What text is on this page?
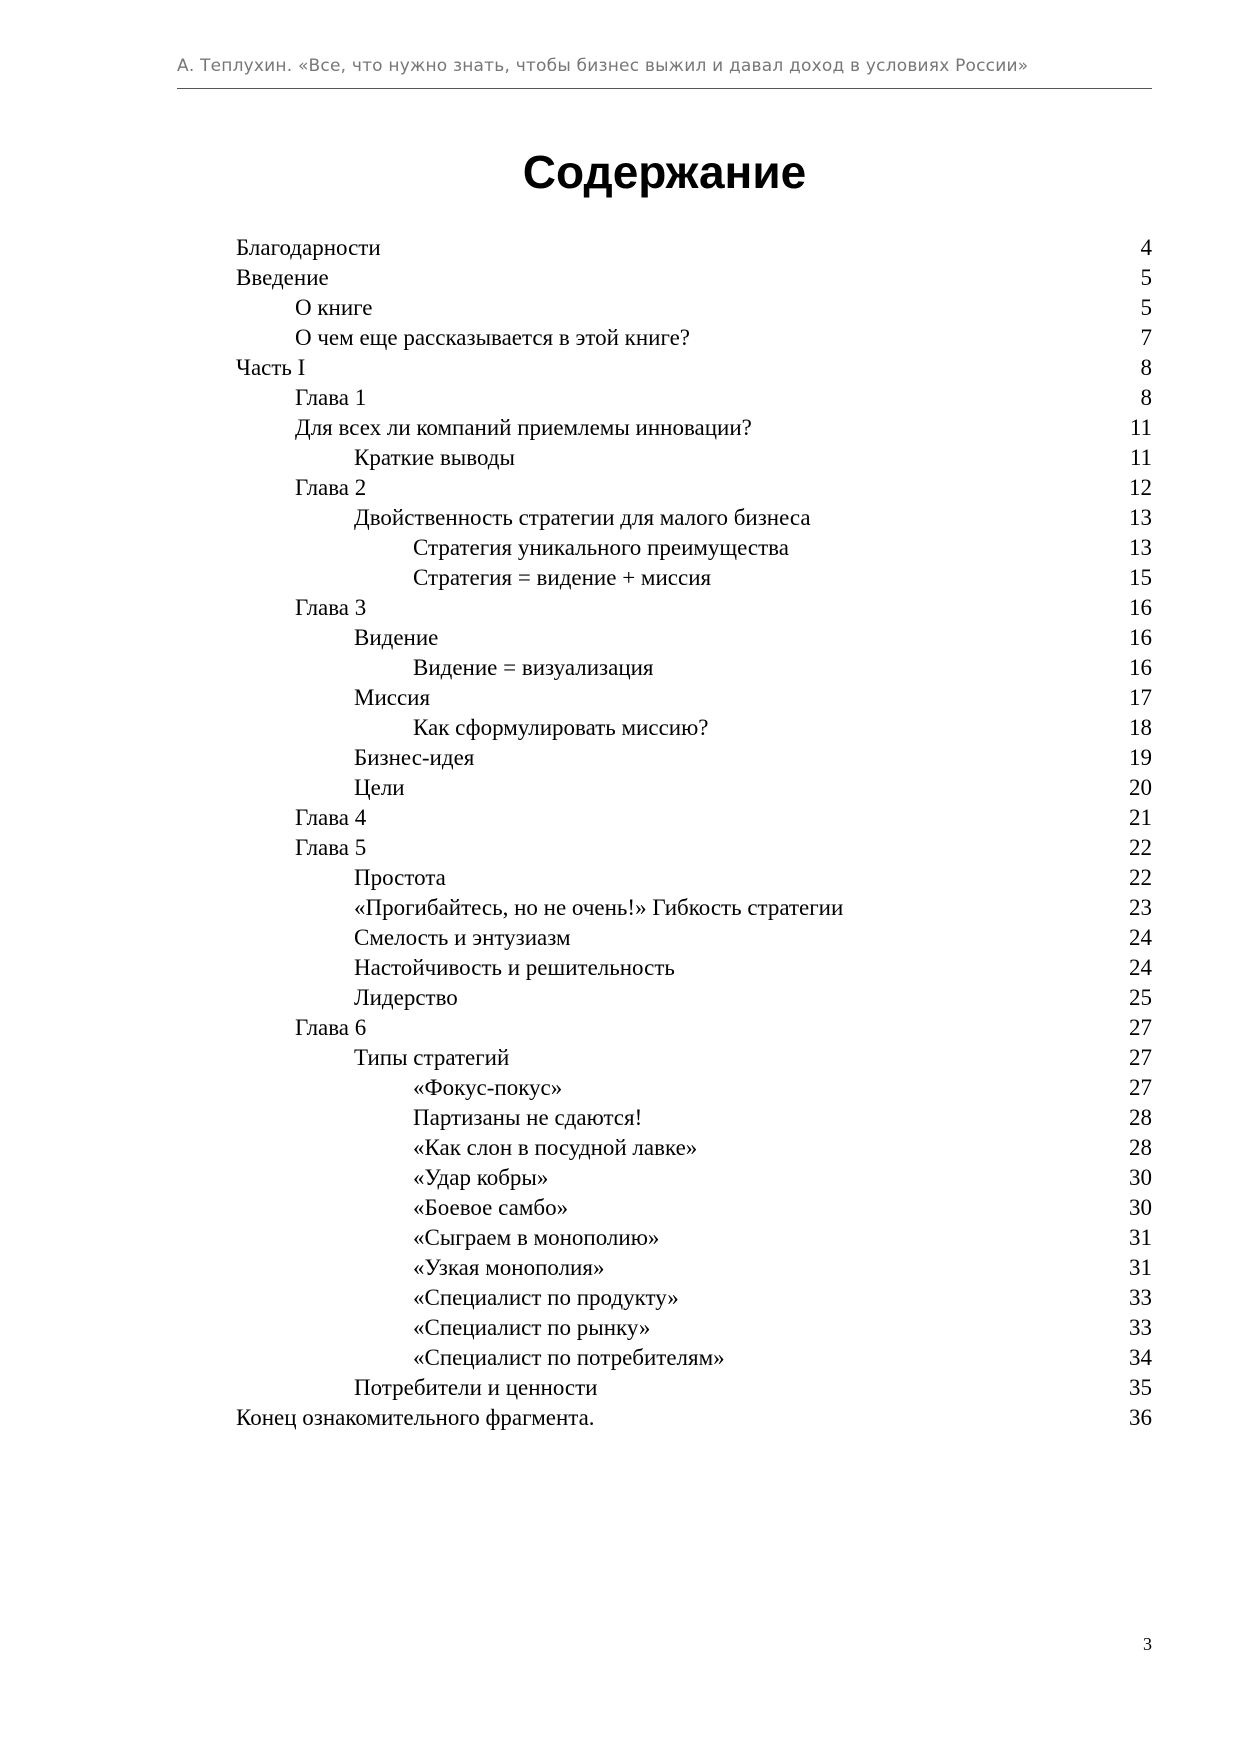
А. Теплухин. «Все, что нужно знать, чтобы бизнес выжил и давал доход в условиях России»
Содержание
Благодарности	4
Введение	5
О книге	5
О чем еще рассказывается в этой книге?	7
Часть I	8
Глава 1	8
Для всех ли компаний приемлемы инновации?	11
Краткие выводы	11
Глава 2	12
Двойственность стратегии для малого бизнеса	13
Стратегия уникального преимущества	13
Стратегия = видение + миссия	15
Глава 3	16
Видение	16
Видение = визуализация	16
Миссия	17
Как сформулировать миссию?	18
Бизнес-идея	19
Цели	20
Глава 4	21
Глава 5	22
Простота	22
«Прогибайтесь, но не очень!» Гибкость стратегии	23
Смелость и энтузиазм	24
Настойчивость и решительность	24
Лидерство	25
Глава 6	27
Типы стратегий	27
«Фокус-покус»	27
Партизаны не сдаются!	28
«Как слон в посудной лавке»	28
«Удар кобры»	30
«Боевое самбо»	30
«Сыграем в монополию»	31
«Узкая монополия»	31
«Специалист по продукту»	33
«Специалист по рынку»	33
«Специалист по потребителям»	34
Потребители и ценности	35
Конец ознакомительного фрагмента.	36
3
